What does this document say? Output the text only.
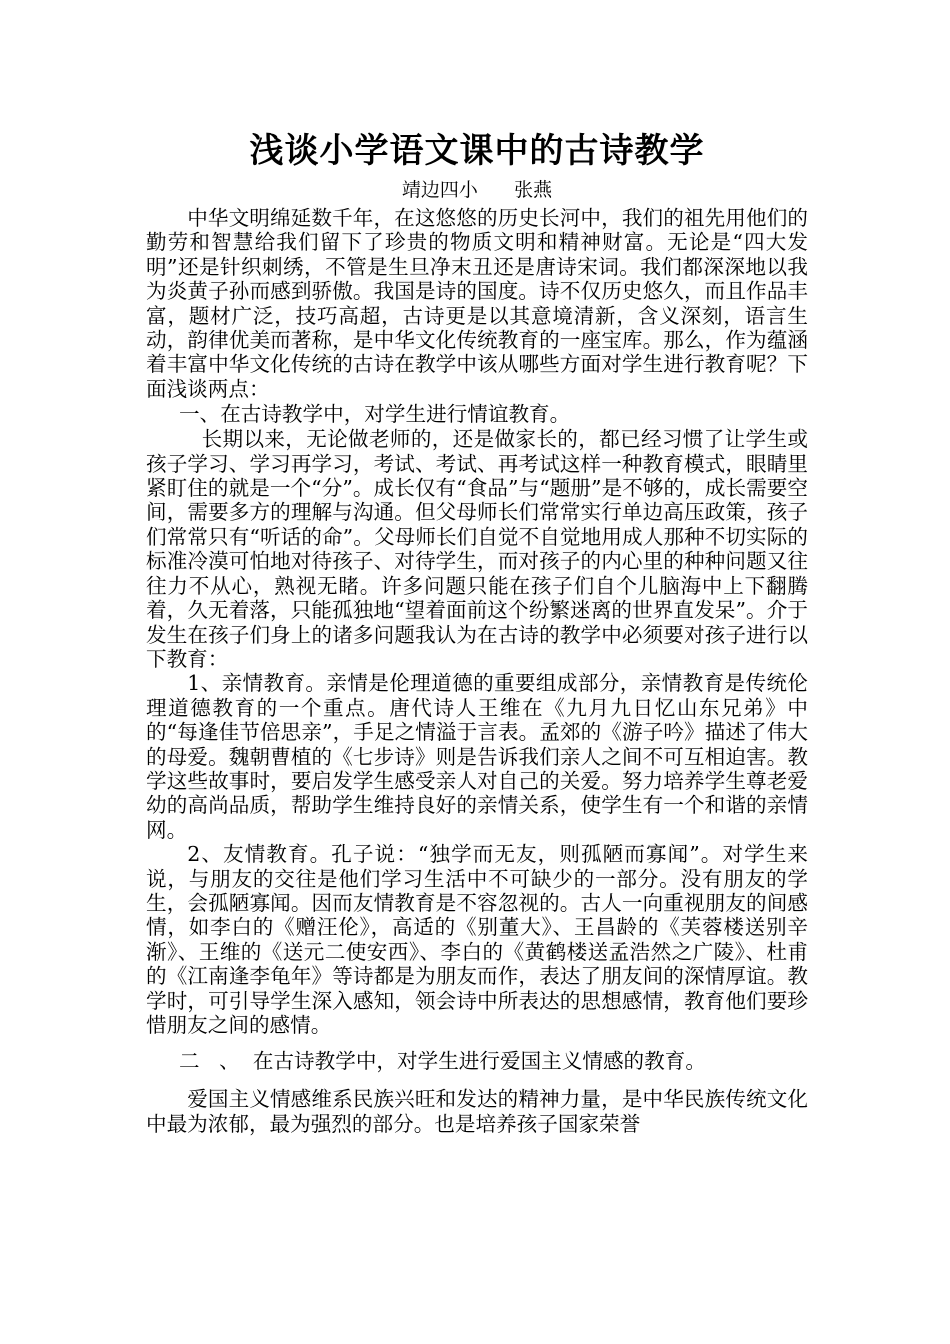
浅谈小学语文课中的古诗教学
靖边四小      张燕

中华文明绵延数千年，在这悠悠的历史长河中，我们的祖先用他们的勤劳和智慧给我们留下了珍贵的物质文明和精神财富。无论是“四大发明”还是针织刺绣，不管是生旦净末丑还是唐诗宋词。我们都深深地以我为炎黄子孙而感到骄傲。我国是诗的国度。诗不仅历史悠久，而且作品丰富，题材广泛，技巧高超，古诗更是以其意境清新，含义深刻，语言生动，韵律优美而著称，是中华文化传统教育的一座宝库。那么，作为蕴涵着丰富中华文化传统的古诗在教学中该从哪些方面对学生进行教育呢？下面浅谈两点：

一、在古诗教学中，对学生进行情谊教育。

长期以来，无论做老师的，还是做家长的，都已经习惯了让学生或孩子学习、学习再学习，考试、考试、再考试这样一种教育模式，眼睛里紧盯住的就是一个“分”。成长仅有“食品”与“题册”是不够的，成长需要空间，需要多方的理解与沟通。但父母师长们常常实行单边高压政策，孩子们常常只有“听话的命”。父母师长们自觉不自觉地用成人那种不切实际的标准冷漠可怕地对待孩子、对待学生，而对孩子的内心里的种种问题又往往力不从心，熟视无睹。许多问题只能在孩子们自个儿脑海中上下翻腾着，久无着落，只能孤独地“望着面前这个纷繁迷离的世界直发呆”。介于发生在孩子们身上的诸多问题我认为在古诗的教学中必须要对孩子进行以下教育：

1、亲情教育。亲情是伦理道德的重要组成部分，亲情教育是传统伦理道德教育的一个重点。唐代诗人王维在《九月九日忆山东兄弟》中的“每逢佳节倍思亲”，手足之情溢于言表。孟郊的《游子吟》描述了伟大的母爱。魏朝曹植的《七步诗》则是告诉我们亲人之间不可互相迫害。教学这些故事时，要启发学生感受亲人对自己的关爱。努力培养学生尊老爱幼的高尚品质，帮助学生维持良好的亲情关系，使学生有一个和谐的亲情网。

2、友情教育。孔子说：“独学而无友，则孤陋而寡闻”。对学生来说，与朋友的交往是他们学习生活中不可缺少的一部分。没有朋友的学生，会孤陋寡闻。因而友情教育是不容忽视的。古人一向重视朋友的间感情，如李白的《赠汪伦》，高适的《别董大》、王昌龄的《芙蓉楼送别辛渐》、王维的《送元二使安西》、李白的《黄鹤楼送孟浩然之广陵》、杜甫的《江南逢李龟年》等诗都是为朋友而作，表达了朋友间的深情厚谊。教学时，可引导学生深入感知，领会诗中所表达的思想感情，教育他们要珍惜朋友之间的感情。

二   、  在古诗教学中，对学生进行爱国主义情感的教育。

爱国主义情感维系民族兴旺和发达的精神力量，是中华民族传统文化中最为浓郁，最为强烈的部分。也是培养孩子国家荣誉
